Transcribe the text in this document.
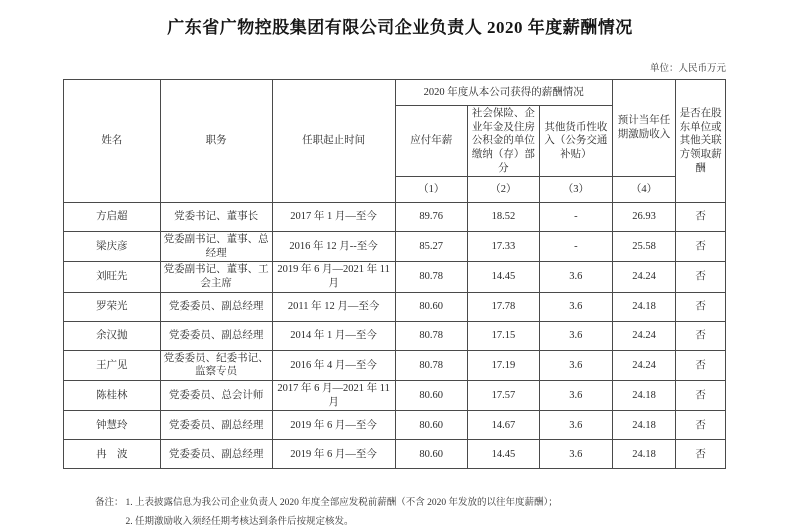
广东省广物控股集团有限公司企业负责人 2020 年度薪酬情况
单位：人民币万元
姓名	职务	任职起止时间	2020 年度从本公司获得的薪酬情况			预计当年任期激励收入	是否在股东单位或其他关联方领取薪酬
			应付年薪	社会保险、企业年金及住房公积金的单位缴纳（存）部分	其他货币性收入（公务交通补贴）		
			（1）	（2）	（3）	（4）	
方启超	党委书记、董事长	2017 年 1 月—至今	89.76	18.52	-	26.93	否
梁庆彦	党委副书记、董事、总经理	2016 年 12 月--至今	85.27	17.33	-	25.58	否
刘旺先	党委副书记、董事、工会主席	2019 年 6 月—2021 年 11 月	80.78	14.45	3.6	24.24	否
罗荣光	党委委员、副总经理	2011 年 12 月—至今	80.60	17.78	3.6	24.18	否
余汉抛	党委委员、副总经理	2014 年 1 月—至今	80.78	17.15	3.6	24.24	否
王广见	党委委员、纪委书记、监察专员	2016 年 4 月—至今	80.78	17.19	3.6	24.24	否
陈桂林	党委委员、总会计师	2017 年 6 月—2021 年 11 月	80.60	17.57	3.6	24.18	否
钟慧玲	党委委员、副总经理	2019 年 6 月—至今	80.60	14.67	3.6	24.18	否
冉　波	党委委员、副总经理	2019 年 6 月—至今	80.60	14.45	3.6	24.18	否
备注： 1. 上表披露信息为我公司企业负责人 2020 年度全部应发税前薪酬（不含 2020 年发放的以往年度薪酬）；
2. 任期激励收入须经任期考核达到条件后按规定核发。
